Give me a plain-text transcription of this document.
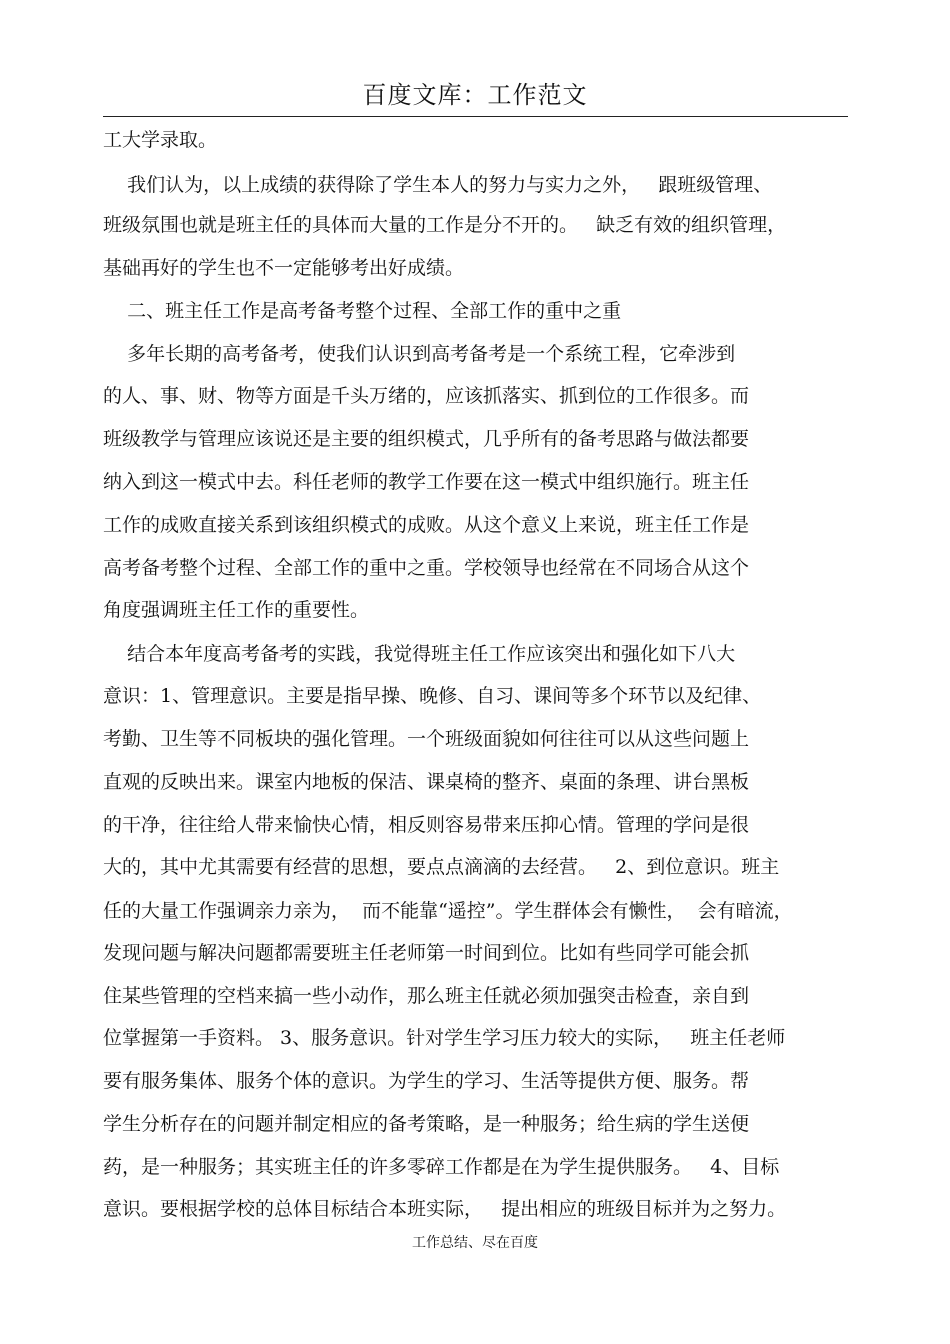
百度文库：工作范文
工大学录取。
我们认为，以上成绩的获得除了学生本人的努力与实力之外，   跟班级管理、
班级氛围也就是班主任的具体而大量的工作是分不开的。   缺乏有效的组织管理，
基础再好的学生也不一定能够考出好成绩。
二、班主任工作是高考备考整个过程、全部工作的重中之重
多年长期的高考备考，使我们认识到高考备考是一个系统工程，它牵涉到
的人、事、财、物等方面是千头万绪的，应该抓落实、抓到位的工作很多。而
班级教学与管理应该说还是主要的组织模式，几乎所有的备考思路与做法都要
纳入到这一模式中去。科任老师的教学工作要在这一模式中组织施行。班主任
工作的成败直接关系到该组织模式的成败。从这个意义上来说，班主任工作是
高考备考整个过程、全部工作的重中之重。学校领导也经常在不同场合从这个
角度强调班主任工作的重要性。
结合本年度高考备考的实践，我觉得班主任工作应该突出和强化如下八大
意识：1、管理意识。主要是指早操、晚修、自习、课间等多个环节以及纪律、
考勤、卫生等不同板块的强化管理。一个班级面貌如何往往可以从这些问题上
直观的反映出来。课室内地板的保洁、课桌椅的整齐、桌面的条理、讲台黑板
的干净，往往给人带来愉快心情，相反则容易带来压抑心情。管理的学问是很
大的，其中尤其需要有经营的思想，要点点滴滴的去经营。   2、到位意识。班主
任的大量工作强调亲力亲为，  而不能靠“遥控”。学生群体会有懒性，  会有暗流，
发现问题与解决问题都需要班主任老师第一时间到位。比如有些同学可能会抓
住某些管理的空档来搞一些小动作，那么班主任就必须加强突击检查，亲自到
位掌握第一手资料。 3、服务意识。针对学生学习压力较大的实际，   班主任老师
要有服务集体、服务个体的意识。为学生的学习、生活等提供方便、服务。帮
学生分析存在的问题并制定相应的备考策略，是一种服务；给生病的学生送便
药，是一种服务；其实班主任的许多零碎工作都是在为学生提供服务。   4、目标
意识。要根据学校的总体目标结合本班实际，   提出相应的班级目标并为之努力。
工作总结、尽在百度
